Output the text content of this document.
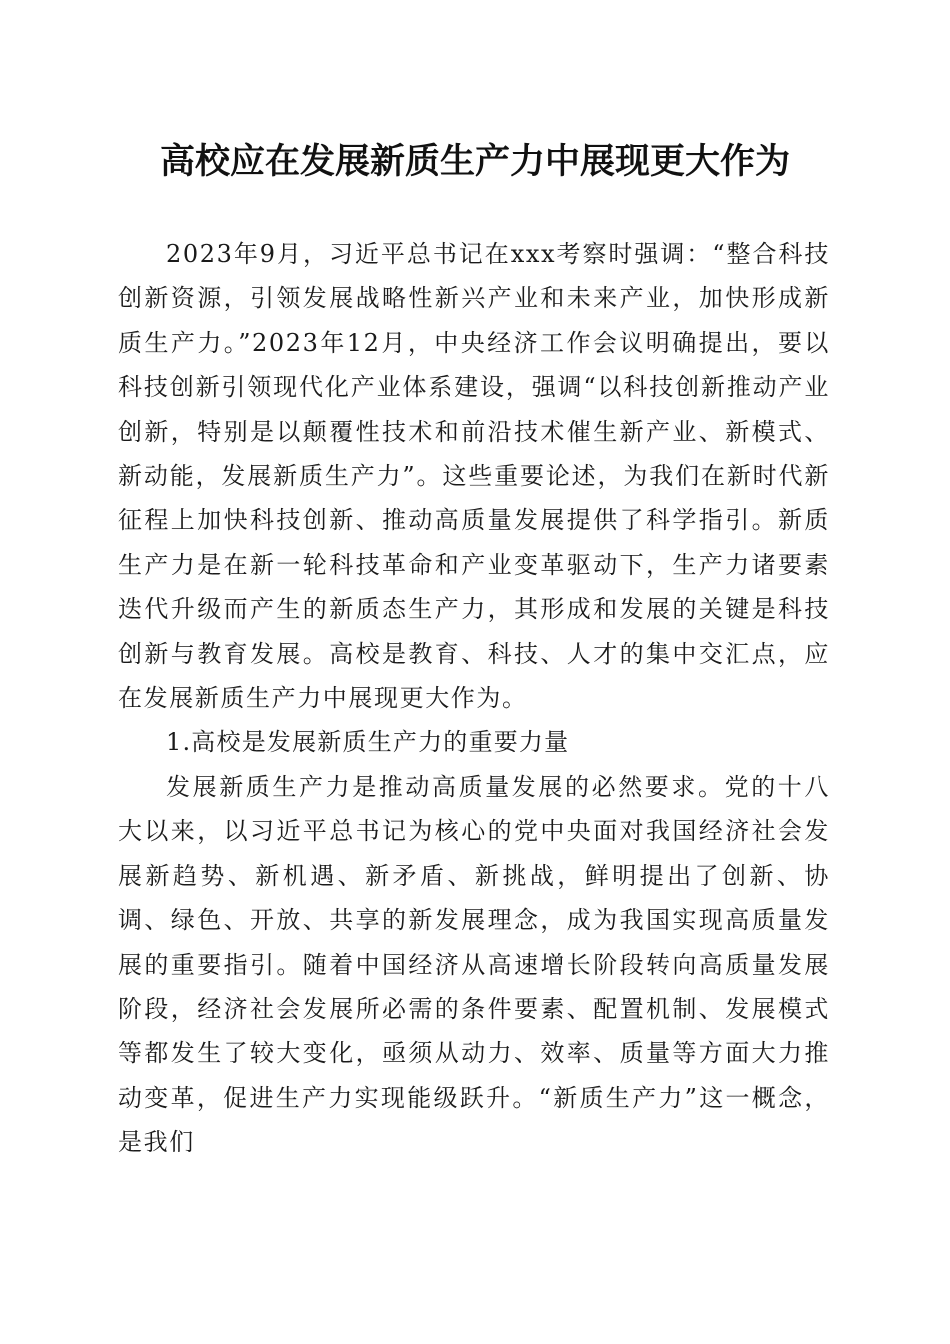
高校应在发展新质生产力中展现更大作为

2023年9月，习近平总书记在xxx考察时强调：“整合科技创新资源，引领发展战略性新兴产业和未来产业，加快形成新质生产力。”2023年12月，中央经济工作会议明确提出，要以科技创新引领现代化产业体系建设，强调“以科技创新推动产业创新，特别是以颠覆性技术和前沿技术催生新产业、新模式、新动能，发展新质生产力”。这些重要论述，为我们在新时代新征程上加快科技创新、推动高质量发展提供了科学指引。新质生产力是在新一轮科技革命和产业变革驱动下，生产力诸要素迭代升级而产生的新质态生产力，其形成和发展的关键是科技创新与教育发展。高校是教育、科技、人才的集中交汇点，应在发展新质生产力中展现更大作为。

1.高校是发展新质生产力的重要力量

发展新质生产力是推动高质量发展的必然要求。党的十八大以来，以习近平总书记为核心的党中央面对我国经济社会发展新趋势、新机遇、新矛盾、新挑战，鲜明提出了创新、协调、绿色、开放、共享的新发展理念，成为我国实现高质量发展的重要指引。随着中国经济从高速增长阶段转向高质量发展阶段，经济社会发展所必需的条件要素、配置机制、发展模式等都发生了较大变化，亟须从动力、效率、质量等方面大力推动变革，促进生产力实现能级跃升。“新质生产力”这一概念，是我们
